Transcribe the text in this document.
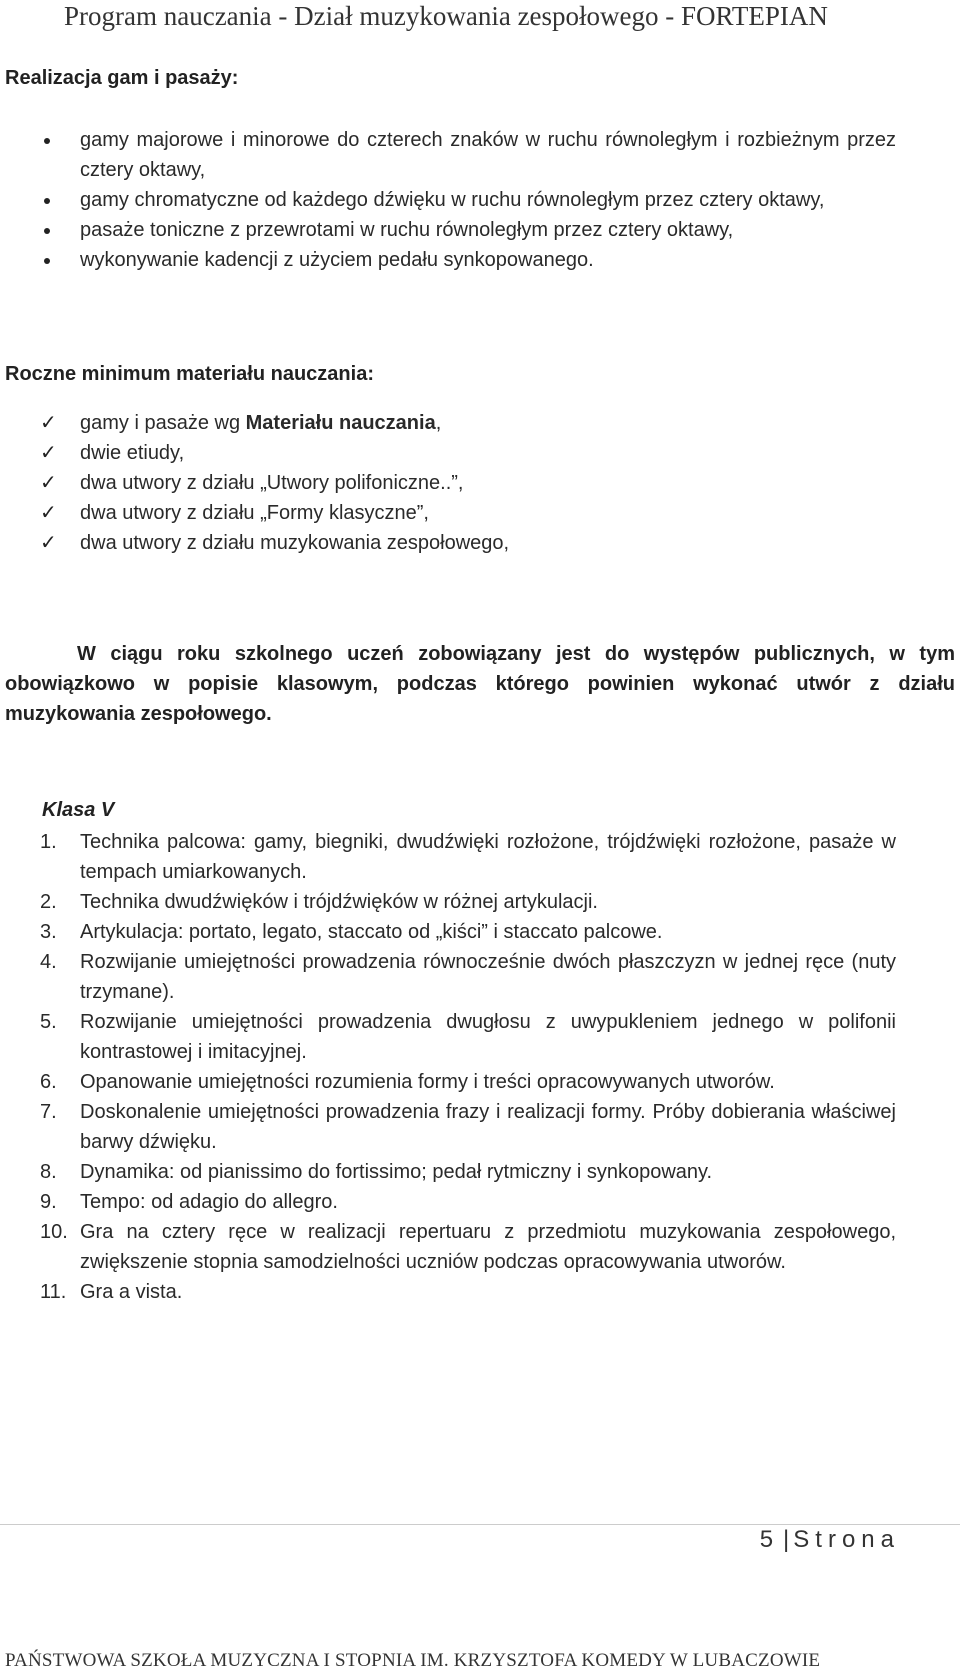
Program nauczania - Dział muzykowania zespołowego - FORTEPIAN
Realizacja gam i pasaży:
gamy majorowe i minorowe do czterech znaków w ruchu równoległym i rozbieżnym przez cztery oktawy,
gamy chromatyczne od każdego dźwięku w ruchu równoległym przez cztery oktawy,
pasaże toniczne z przewrotami w ruchu równoległym przez cztery oktawy,
wykonywanie kadencji z użyciem pedału synkopowanego.
Roczne minimum materiału nauczania:
✓ gamy i pasaże wg Materiału nauczania,
✓ dwie etiudy,
✓ dwa utwory z działu „Utwory polifoniczne..”,
✓ dwa utwory z działu „Formy klasyczne”,
✓ dwa utwory z działu muzykowania zespołowego,
W ciągu roku szkolnego uczeń zobowiązany jest do występów publicznych, w tym obowiązkowo w popisie klasowym, podczas którego powinien wykonać utwór z działu muzykowania zespołowego.
Klasa V
1. Technika palcowa: gamy, biegniki, dwudźwięki rozłożone, trójdźwięki rozłożone, pasaże w tempach umiarkowanych.
2. Technika dwudźwięków i trójdźwięków w różnej artykulacji.
3. Artykulacja: portato, legato, staccato od „kiści” i staccato palcowe.
4. Rozwijanie umiejętności prowadzenia równocześnie dwóch płaszczyzn w jednej ręce (nuty trzymane).
5. Rozwijanie umiejętności prowadzenia dwugłosu z uwypukleniem jednego w polifonii kontrastowej i imitacyjnej.
6. Opanowanie umiejętności rozumienia formy i treści opracowywanych utworów.
7. Doskonalenie umiejętności prowadzenia frazy i realizacji formy. Próby dobierania właściwej barwy dźwięku.
8. Dynamika: od pianissimo do fortissimo; pedał rytmiczny i synkopowany.
9. Tempo: od adagio do allegro.
10. Gra na cztery ręce w realizacji repertuaru z przedmiotu muzykowania zespołowego, zwiększenie stopnia samodzielności uczniów podczas opracowywania utworów.
11. Gra a vista.
5 | Strona
PAŃSTWOWA SZKOŁA MUZYCZNA I STOPNIA IM. KRZYSZTOFA KOMEDY W LUBACZOWIE
